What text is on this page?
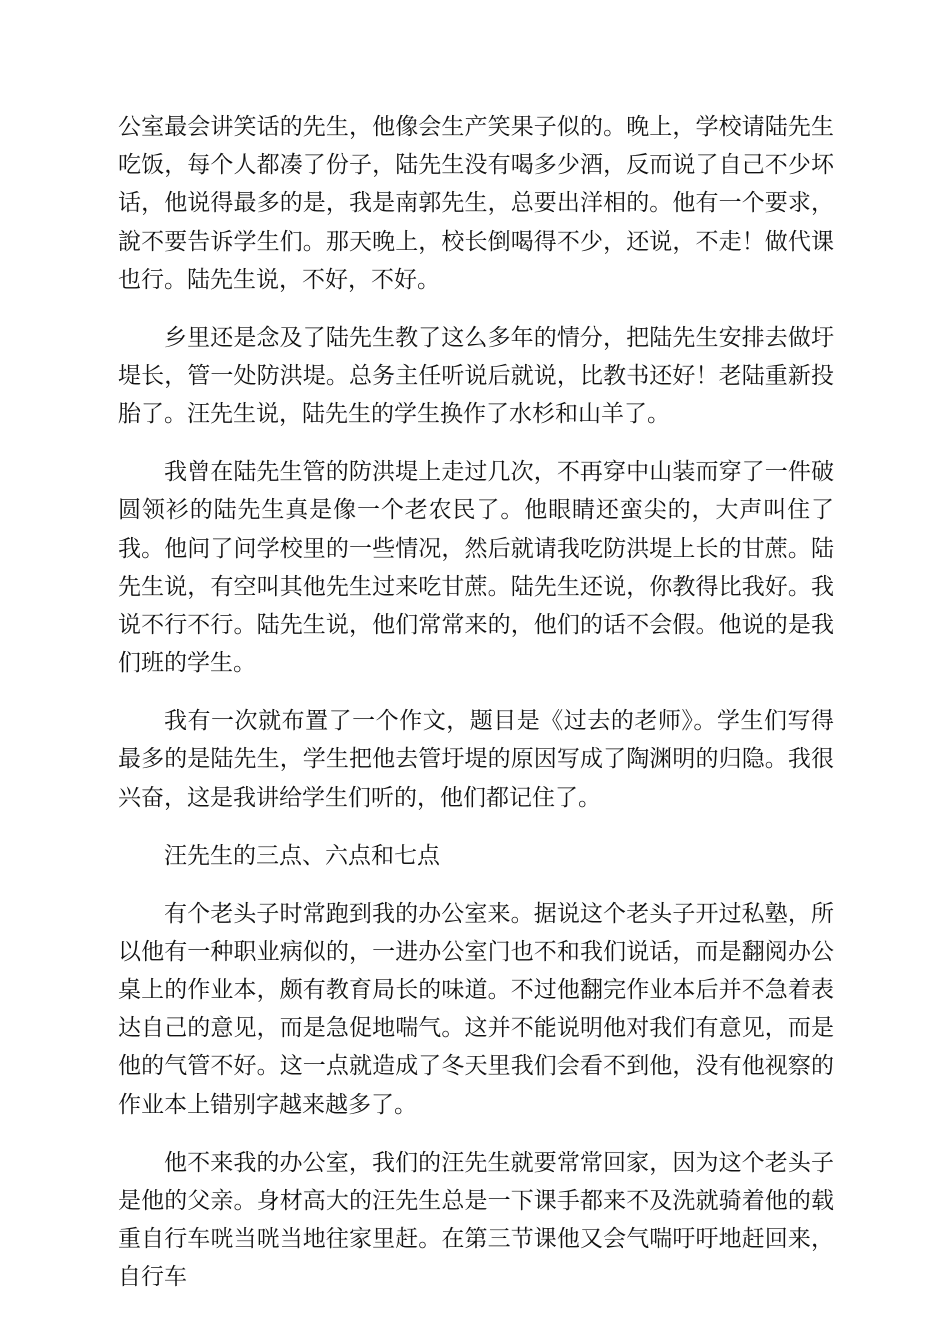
公室最会讲笑话的先生，他像会生产笑果子似的。晚上，学校请陆先生吃饭，每个人都凑了份子，陆先生没有喝多少酒，反而说了自己不少坏话，他说得最多的是，我是南郭先生，总要出洋相的。他有一个要求，說不要告诉学生们。那天晚上，校长倒喝得不少，还说，不走！做代课也行。陆先生说，不好，不好。

乡里还是念及了陆先生教了这么多年的情分，把陆先生安排去做圩堤长，管一处防洪堤。总务主任听说后就说，比教书还好！老陆重新投胎了。汪先生说，陆先生的学生换作了水杉和山羊了。

我曾在陆先生管的防洪堤上走过几次，不再穿中山装而穿了一件破圆领衫的陆先生真是像一个老农民了。他眼睛还蛮尖的，大声叫住了我。他问了问学校里的一些情况，然后就请我吃防洪堤上长的甘蔗。陆先生说，有空叫其他先生过来吃甘蔗。陆先生还说，你教得比我好。我说不行不行。陆先生说，他们常常来的，他们的话不会假。他说的是我们班的学生。

我有一次就布置了一个作文，题目是《过去的老师》。学生们写得最多的是陆先生，学生把他去管圩堤的原因写成了陶渊明的归隐。我很兴奋，这是我讲给学生们听的，他们都记住了。

汪先生的三点、六点和七点

有个老头子时常跑到我的办公室来。据说这个老头子开过私塾，所以他有一种职业病似的，一进办公室门也不和我们说话，而是翻阅办公桌上的作业本，颇有教育局长的味道。不过他翻完作业本后并不急着表达自己的意见，而是急促地喘气。这并不能说明他对我们有意见，而是他的气管不好。这一点就造成了冬天里我们会看不到他，没有他视察的作业本上错别字越来越多了。

他不来我的办公室，我们的汪先生就要常常回家，因为这个老头子是他的父亲。身材高大的汪先生总是一下课手都来不及洗就骑着他的载重自行车咣当咣当地往家里赶。在第三节课他又会气喘吁吁地赶回来，自行车
